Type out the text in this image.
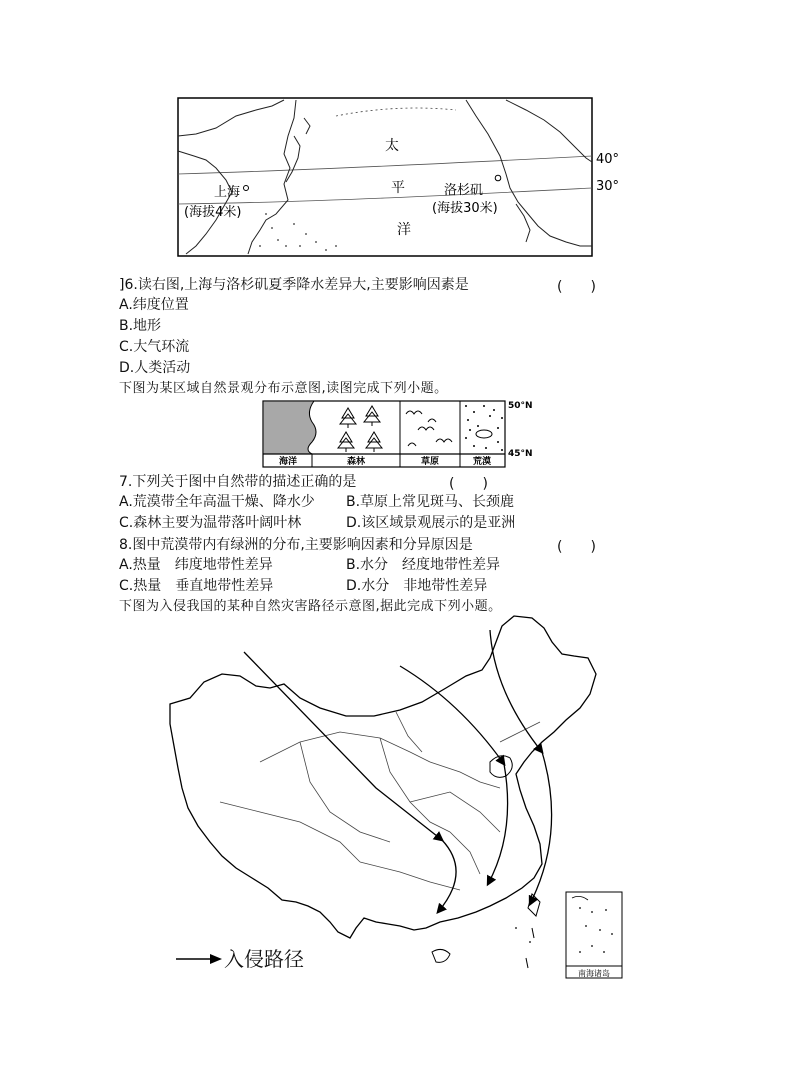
太
平
洋
上海
(海拔4米)
洛杉矶
(海拔30米)
40°
30°
]6.读右图,上海与洛杉矶夏季降水差异大,主要影响因素是	(　　)
A.纬度位置
B.地形
C.大气环流
D.人类活动
下图为某区域自然景观分布示意图,读图完成下列小题。
海洋	森林	草原	荒漠
50°N
45°N
7.下列关于图中自然带的描述正确的是	(　　)
A.荒漠带全年高温干燥、降水少 B.草原上常见斑马、长颈鹿
C.森林主要为温带落叶阔叶林	D.该区域景观展示的是亚洲
8.图中荒漠带内有绿洲的分布,主要影响因素和分异原因是	(　　)
A.热量　纬度地带性差异	B.水分　经度地带性差异
C.热量　垂直地带性差异	D.水分　非地带性差异
下图为入侵我国的某种自然灾害路径示意图,据此完成下列小题。
南海诸岛
入侵路径
